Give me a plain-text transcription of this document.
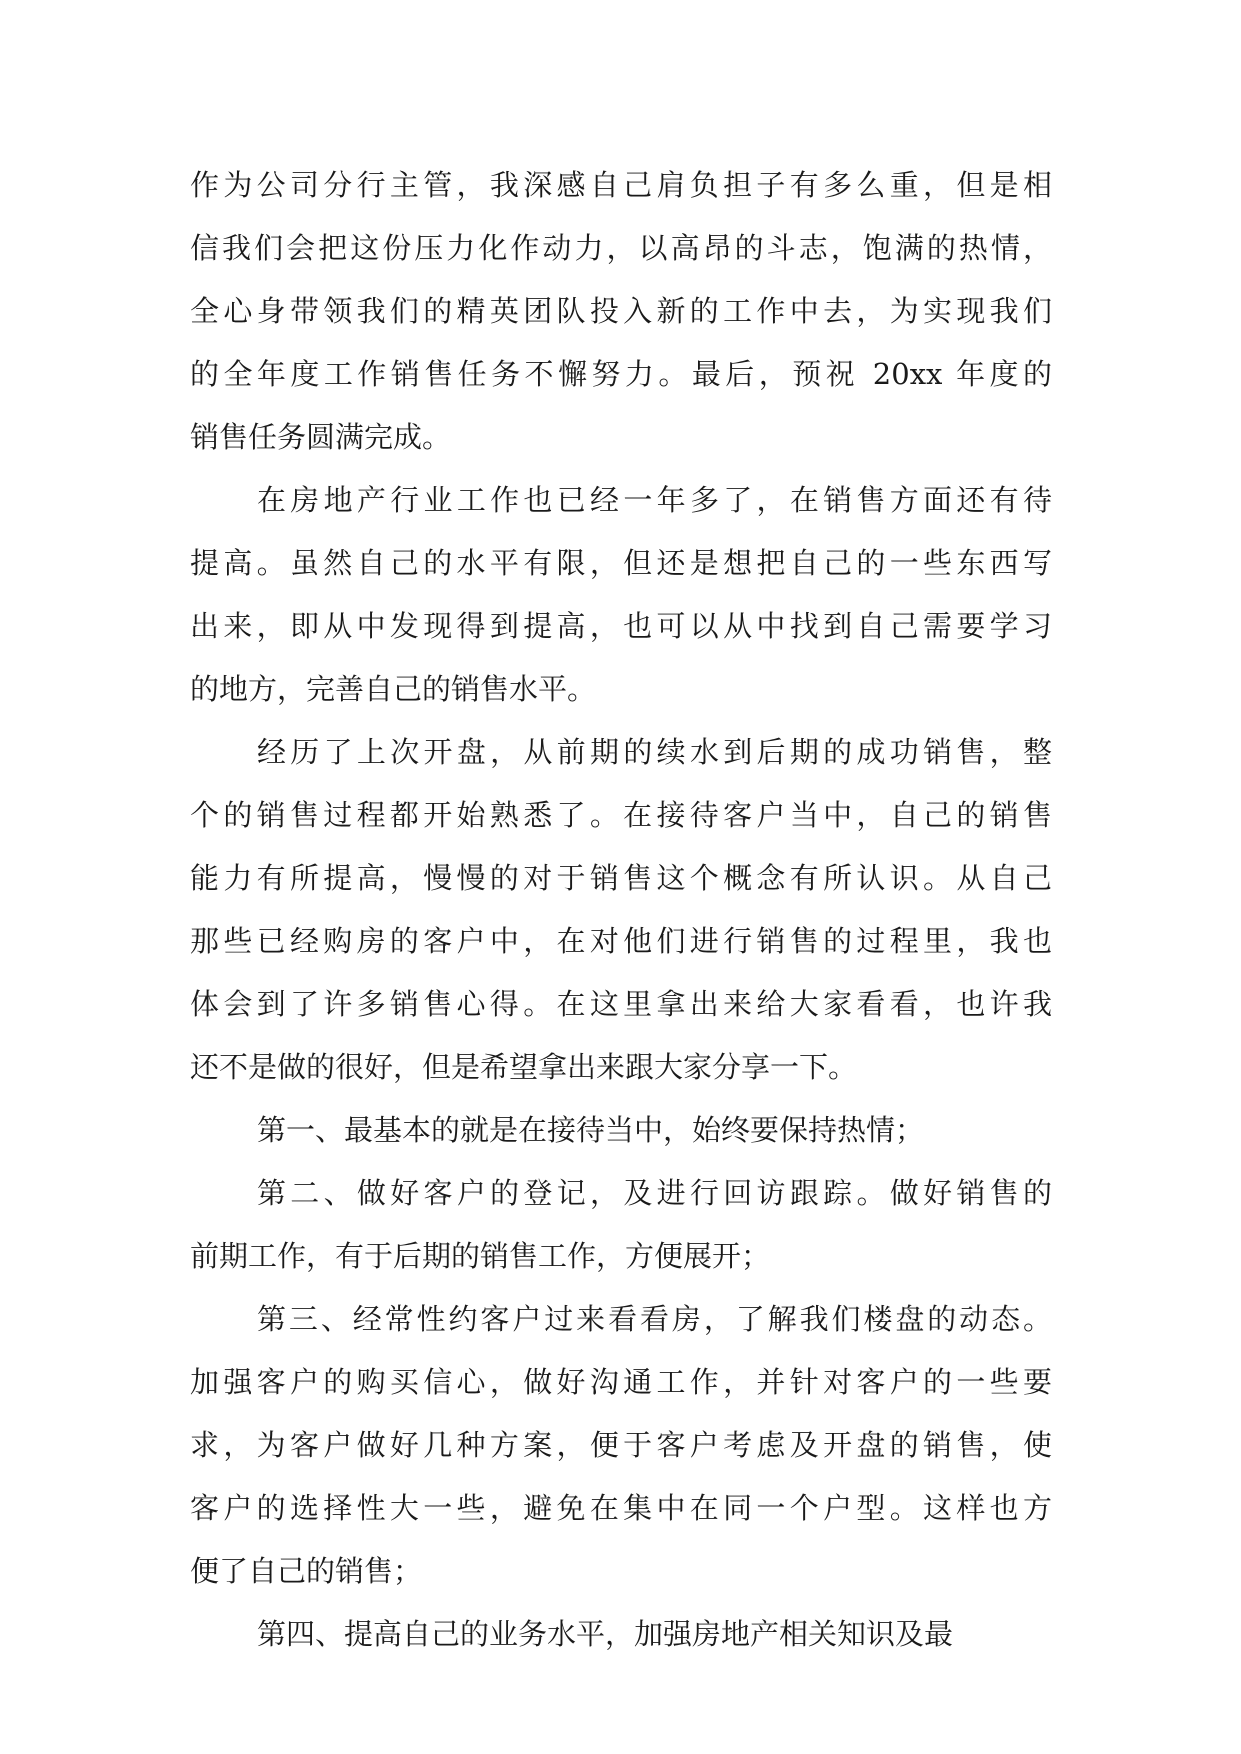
作为公司分行主管，我深感自己肩负担子有多么重，但是相
信我们会把这份压力化作动力，以高昂的斗志，饱满的热情，
全心身带领我们的精英团队投入新的工作中去，为实现我们
的全年度工作销售任务不懈努力。最后，预祝 20xx 年度的
销售任务圆满完成。
在房地产行业工作也已经一年多了，在销售方面还有待
提高。虽然自己的水平有限，但还是想把自己的一些东西写
出来，即从中发现得到提高，也可以从中找到自己需要学习
的地方，完善自己的销售水平。
经历了上次开盘，从前期的续水到后期的成功销售，整
个的销售过程都开始熟悉了。在接待客户当中，自己的销售
能力有所提高，慢慢的对于销售这个概念有所认识。从自己
那些已经购房的客户中，在对他们进行销售的过程里，我也
体会到了许多销售心得。在这里拿出来给大家看看，也许我
还不是做的很好，但是希望拿出来跟大家分享一下。
第一、最基本的就是在接待当中，始终要保持热情；
第二、做好客户的登记，及进行回访跟踪。做好销售的
前期工作，有于后期的销售工作，方便展开；
第三、经常性约客户过来看看房，了解我们楼盘的动态。
加强客户的购买信心，做好沟通工作，并针对客户的一些要
求，为客户做好几种方案，便于客户考虑及开盘的销售，使
客户的选择性大一些，避免在集中在同一个户型。这样也方
便了自己的销售；
第四、提高自己的业务水平，加强房地产相关知识及最
